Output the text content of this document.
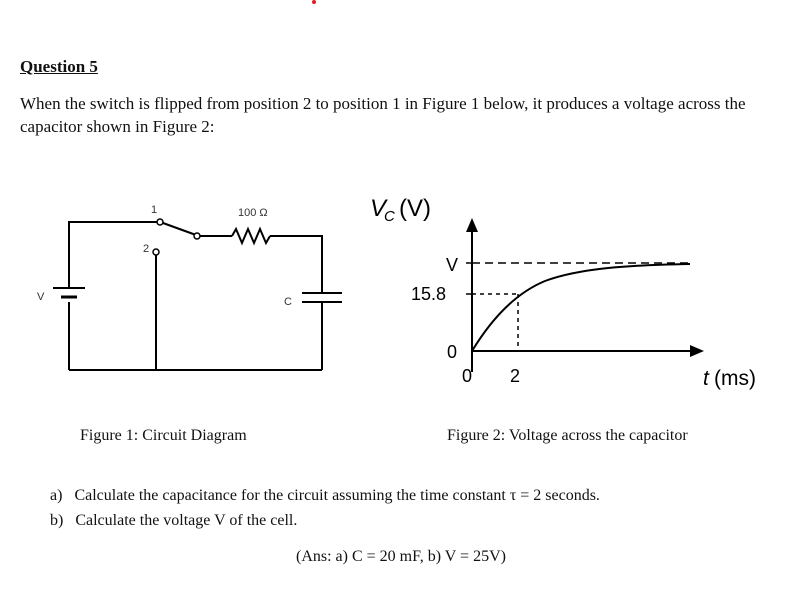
Question 5
When the switch is flipped from position 2 to position 1 in Figure 1 below, it produces a voltage across the capacitor shown in Figure 2:
100 Ω
C
V
1
2
V
C (V)
t (ms)
V
15.8
0
0 2
Figure 1: Circuit Diagram	Figure 2: Voltage across the capacitor
a) Calculate the capacitance for the circuit assuming the time constant τ = 2 seconds.
b) Calculate the voltage V of the cell.
(Ans: a) C = 20 mF, b) V = 25V)
